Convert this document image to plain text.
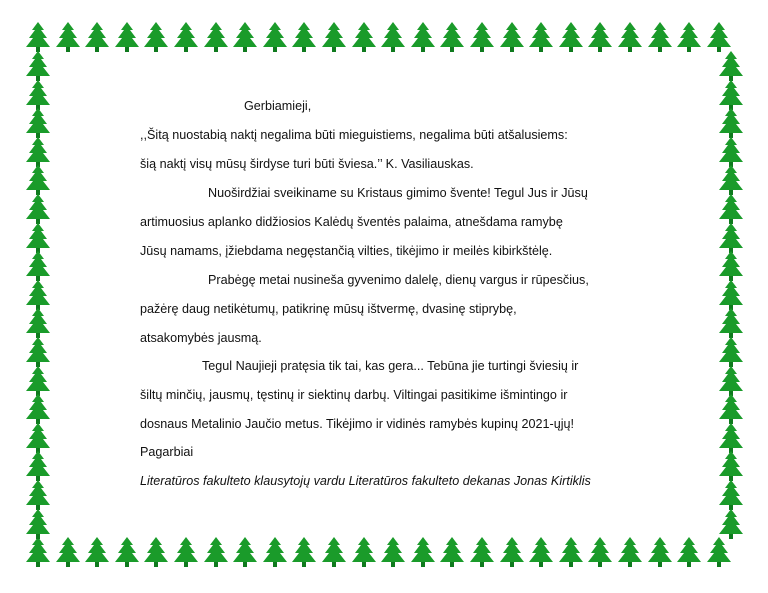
Gerbiamieji,
,,Šitą nuostabią naktį negalima būti mieguistiems, negalima būti atšalusiems:
šią naktį visų mūsų širdyse turi būti šviesa.’’ K. Vasiliauskas.
Nuoširdžiai sveikiname su Kristaus gimimo švente! Tegul Jus ir Jūsų
artimuosius aplanko didžiosios Kalėdų šventės palaima, atnešdama ramybę
Jūsų namams, įžiebdama negęstančią vilties, tikėjimo ir meilės kibirkštėlę.
Prabėgę metai nusineša gyvenimo dalelę, dienų vargus ir rūpesčius,
pažėrę daug netikėtumų, patikrinę mūsų ištvermę, dvasinę stiprybę,
atsakomybės jausmą.
Tegul Naujieji pratęsia tik tai, kas gera... Tebūna jie turtingi šviesių ir
šiltų minčių, jausmų, tęstinų ir siektinų darbų. Viltingai pasitikime išmintingo ir
dosnaus Metalinio Jaučio metus. Tikėjimo ir vidinės ramybės kupinų 2021-ųjų!
Pagarbiai
Literatūros fakulteto klausytojų vardu Literatūros fakulteto dekanas Jonas Kirtiklis
